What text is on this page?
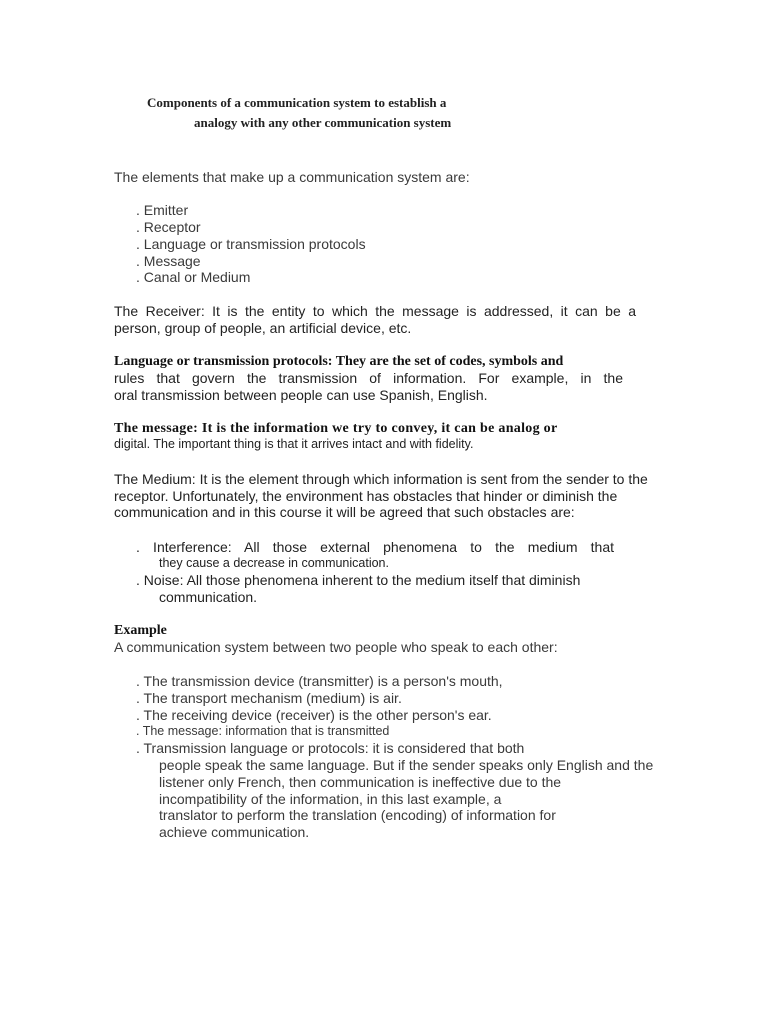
Components of a communication system to establish a
analogy with any other communication system
The elements that make up a communication system are:
. Emitter
. Receptor
. Language or transmission protocols
. Message
. Canal or Medium
The Receiver: It is the entity to which the message is addressed, it can be a
person, group of people, an artificial device, etc.
Language or transmission protocols: They are the set of codes, symbols and
rules that govern the transmission of information. For example, in the
oral transmission between people can use Spanish, English.
The message: It is the information we try to convey, it can be analog or
digital. The important thing is that it arrives intact and with fidelity.
The Medium: It is the element through which information is sent from the sender to the
receptor. Unfortunately, the environment has obstacles that hinder or diminish the
communication and in this course it will be agreed that such obstacles are:
. Interference: All those external phenomena to the medium that
they cause a decrease in communication.
. Noise: All those phenomena inherent to the medium itself that diminish
communication.
Example
A communication system between two people who speak to each other:
. The transmission device (transmitter) is a person's mouth,
. The transport mechanism (medium) is air.
. The receiving device (receiver) is the other person's ear.
. The message: information that is transmitted
. Transmission language or protocols: it is considered that both
people speak the same language. But if the sender speaks only English and the
listener only French, then communication is ineffective due to the
incompatibility of the information, in this last example, a
translator to perform the translation (encoding) of information for
achieve communication.
